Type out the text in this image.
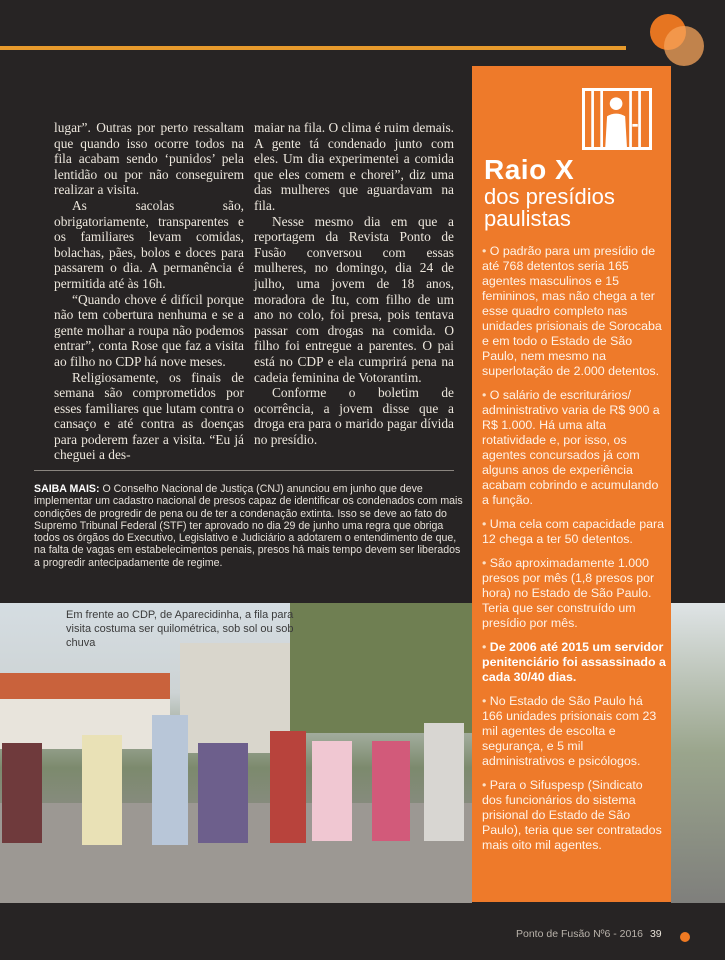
lugar”. Outras por perto ressaltam que quando isso ocorre todos na fila acabam sendo ‘punidos’ pela lentidão ou por não conseguirem realizar a visita.

As sacolas são, obrigatoriamente, transparentes e os familiares levam comidas, bolachas, pães, bolos e doces para passarem o dia. A permanência é permitida até às 16h.

“Quando chove é difícil porque não tem cobertura nenhuma e se a gente molhar a roupa não podemos entrar”, conta Rose que faz a visita ao filho no CDP há nove meses.

Religiosamente, os finais de semana são comprometidos por esses familiares que lutam contra o cansaço e até contra as doenças para poderem fazer a visita. “Eu já cheguei a des-

maiar na fila. O clima é ruim demais. A gente tá condenado junto com eles. Um dia experimentei a comida que eles comem e chorei”, diz uma das mulheres que aguardavam na fila.

Nesse mesmo dia em que a reportagem da Revista Ponto de Fusão conversou com essas mulheres, no domingo, dia 24 de julho, uma jovem de 18 anos, moradora de Itu, com filho de um ano no colo, foi presa, pois tentava passar com drogas na comida. O filho foi entregue a parentes. O pai está no CDP e ela cumprirá pena na cadeia feminina de Votorantim.

Conforme o boletim de ocorrência, a jovem disse que a droga era para o marido pagar dívida no presídio.

Raio X
dos presídios paulistas
• O padrão para um presídio de até 768 detentos seria 165 agentes masculinos e 15 femininos, mas não chega a ter esse quadro completo nas unidades prisionais de Sorocaba e em todo o Estado de São Paulo, nem mesmo na superlotação de 2.000 detentos.
• O salário de escriturários/ administrativo varia de R$ 900 a R$ 1.000. Há uma alta rotatividade e, por isso, os agentes concursados já com alguns anos de experiência acabam cobrindo e acumulando a função.
• Uma cela com capacidade para 12 chega a ter 50 detentos.
• São aproximadamente 1.000 presos por mês (1,8 presos por hora) no Estado de São Paulo. Teria que ser construído um presídio por mês.
• De 2006 até 2015 um servidor penitenciário foi assassinado a cada 30/40 dias.
• No Estado de São Paulo há 166 unidades prisionais com 23 mil agentes de escolta e segurança, e 5 mil administrativos e psicólogos.
• Para o Sifuspesp (Sindicato dos funcionários do sistema prisional do Estado de São Paulo), teria que ser contratados mais oito mil agentes.
SAIBA MAIS: O Conselho Nacional de Justiça (CNJ) anunciou em junho que deve implementar um cadastro nacional de presos capaz de identificar os condenados com mais condições de progredir de pena ou de ter a condenação extinta. Isso se deve ao fato do Supremo Tribunal Federal (STF) ter aprovado no dia 29 de junho uma regra que obriga todos os órgãos do Executivo, Legislativo e Judiciário a adotarem o entendimento de que, na falta de vagas em estabelecimentos penais, presos há mais tempo devem ser liberados a progredir antecipadamente de regime.
Em frente ao CDP, de Aparecidinha, a fila para visita costuma ser quilométrica, sob sol ou sob chuva
Ponto de Fusão Nº6 - 2016 39
